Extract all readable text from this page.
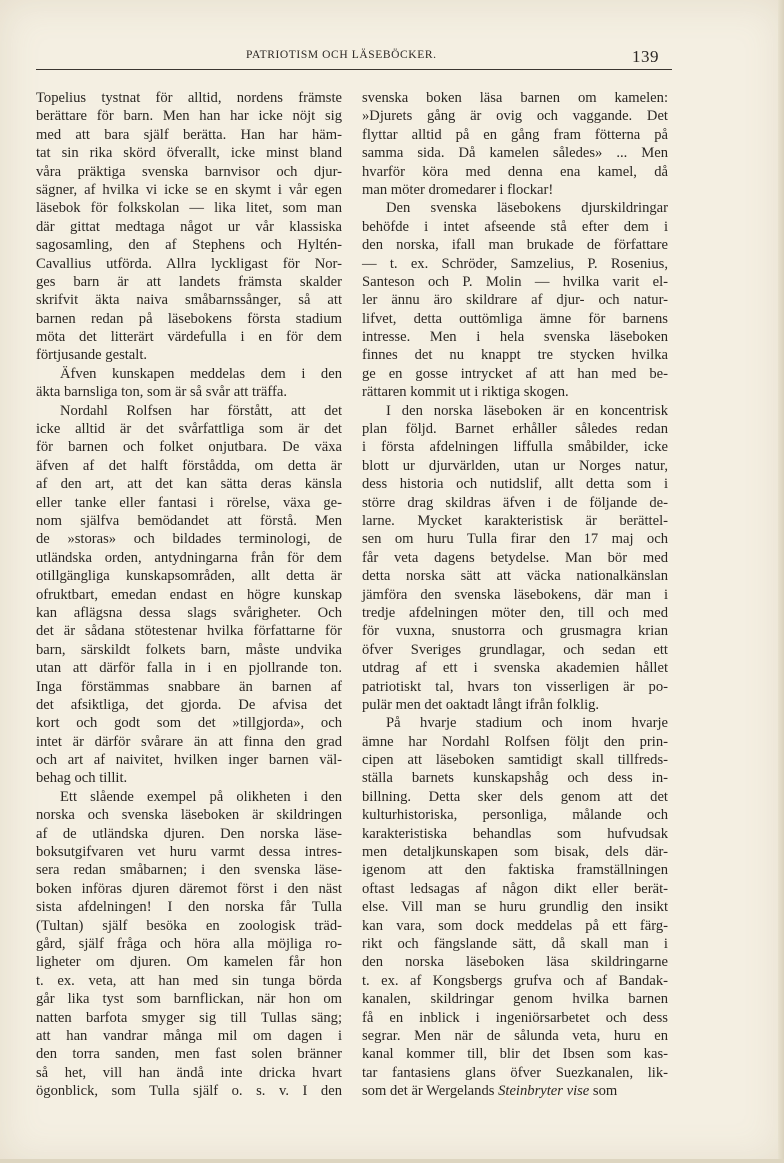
PATRIOTISM OCH LÄSEBÖCKER.	139
Topelius tystnat för alltid, nordens främste
berättare för barn. Men han har icke nöjt sig
med att bara själf berätta. Han har häm-
tat sin rika skörd öfverallt, icke minst bland
våra präktiga svenska barnvisor och djur-
sägner, af hvilka vi icke se en skymt i vår egen
läsebok för folkskolan — lika litet, som man
där gittat medtaga något ur vår klassiska
sagosamling, den af Stephens och Hyltén-
Cavallius utförda. Allra lyckligast för Nor-
ges barn är att landets främsta skalder
skrifvit äkta naiva småbarnssånger, så att
barnen redan på läsebokens första stadium
möta det litterärt värdefulla i en för dem
förtjusande gestalt.
Äfven kunskapen meddelas dem i den
äkta barnsliga ton, som är så svår att träffa.
Nordahl Rolfsen har förstått, att det
icke alltid är det svårfattliga som är det
för barnen och folket onjutbara. De växa
äfven af det halft förstådda, om detta är
af den art, att det kan sätta deras känsla
eller tanke eller fantasi i rörelse, växa ge-
nom själfva bemödandet att förstå. Men
de »storas» och bildades terminologi, de
utländska orden, antydningarna från för dem
otillgängliga kunskapsområden, allt detta är
ofruktbart, emedan endast en högre kunskap
kan aflägsna dessa slags svårigheter. Och
det är sådana stötestenar hvilka författarne för
barn, särskildt folkets barn, måste undvika
utan att därför falla in i en pjollrande ton.
Inga förstämmas snabbare än barnen af
det afsiktliga, det gjorda. De afvisa det
kort och godt som det »tillgjorda», och
intet är därför svårare än att finna den grad
och art af naivitet, hvilken inger barnen väl-
behag och tillit.
Ett slående exempel på olikheten i den
norska och svenska läseboken är skildringen
af de utländska djuren. Den norska läse-
boksutgifvaren vet huru varmt dessa intres-
sera redan småbarnen; i den svenska läse-
boken införas djuren däremot först i den näst
sista afdelningen! I den norska får Tulla
(Tultan) själf besöka en zoologisk träd-
gård, själf fråga och höra alla möjliga ro-
ligheter om djuren. Om kamelen får hon
t. ex. veta, att han med sin tunga börda
går lika tyst som barnflickan, när hon om
natten barfota smyger sig till Tullas säng;
att han vandrar många mil om dagen i
den torra sanden, men fast solen bränner
så het, vill han ändå inte dricka hvart
ögonblick, som Tulla själf o. s. v. I den
svenska boken läsa barnen om kamelen:
»Djurets gång är ovig och vaggande. Det
flyttar alltid på en gång fram fötterna på
samma sida. Då kamelen således» ... Men
hvarför köra med denna ena kamel, då
man möter dromedarer i flockar!
Den svenska läsebokens djurskildringar
behöfde i intet afseende stå efter dem i
den norska, ifall man brukade de författare
— t. ex. Schröder, Samzelius, P. Rosenius,
Santeson och P. Molin — hvilka varit el-
ler ännu äro skildrare af djur- och natur-
lifvet, detta outtömliga ämne för barnens
intresse. Men i hela svenska läseboken
finnes det nu knappt tre stycken hvilka
ge en gosse intrycket af att han med be-
rättaren kommit ut i riktiga skogen.
I den norska läseboken är en koncentrisk
plan följd. Barnet erhåller således redan
i första afdelningen liffulla småbilder, icke
blott ur djurvärlden, utan ur Norges natur,
dess historia och nutidslif, allt detta som i
större drag skildras äfven i de följande de-
larne. Mycket karakteristisk är berättel-
sen om huru Tulla firar den 17 maj och
får veta dagens betydelse. Man bör med
detta norska sätt att väcka nationalkänslan
jämföra den svenska läsebokens, där man i
tredje afdelningen möter den, till och med
för vuxna, snustorra och grusmagra krian
öfver Sveriges grundlagar, och sedan ett
utdrag af ett i svenska akademien hållet
patriotiskt tal, hvars ton visserligen är po-
pulär men det oaktadt långt ifrån folklig.
På hvarje stadium och inom hvarje
ämne har Nordahl Rolfsen följt den prin-
cipen att läseboken samtidigt skall tillfreds-
ställa barnets kunskapshåg och dess in-
billning. Detta sker dels genom att det
kulturhistoriska, personliga, målande och
karakteristiska behandlas som hufvudsak
men detaljkunskapen som bisak, dels där-
igenom att den faktiska framställningen
oftast ledsagas af någon dikt eller berät-
else. Vill man se huru grundlig den insikt
kan vara, som dock meddelas på ett färg-
rikt och fängslande sätt, då skall man i
den norska läseboken läsa skildringarne
t. ex. af Kongsbergs grufva och af Bandak-
kanalen, skildringar genom hvilka barnen
få en inblick i ingeniörsarbetet och dess
segrar. Men när de sålunda veta, huru en
kanal kommer till, blir det Ibsen som kas-
tar fantasiens glans öfver Suezkanalen, lik-
som det är Wergelands Steinbryter vise som
